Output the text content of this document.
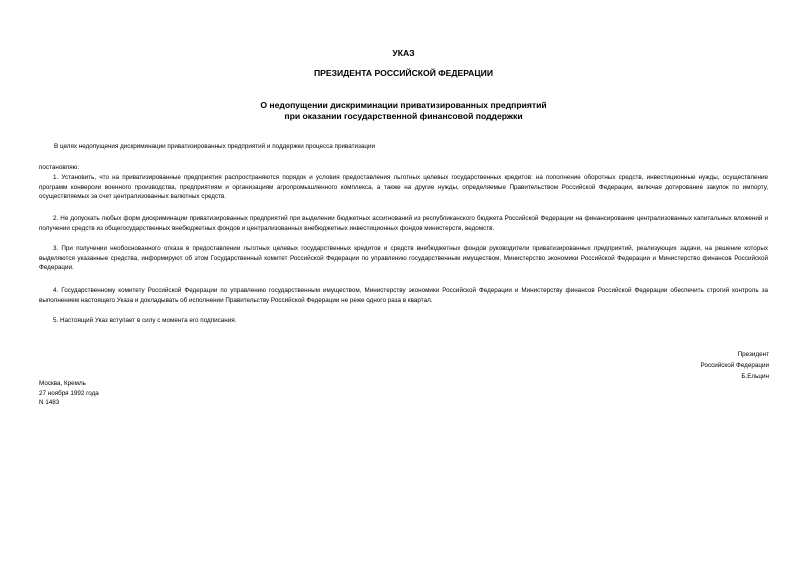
УКАЗ
ПРЕЗИДЕНТА РОССИЙСКОЙ ФЕДЕРАЦИИ
О недопущении дискриминации приватизированных предприятий
при оказании государственной финансовой поддержки
В целях недопущения дискриминации приватизированных предприятий и поддержки процесса приватизации
постановляю:
1. Установить, что на приватизированные предприятия распространяются порядок и условия предоставления льготных целевых государственных кредитов: на пополнение оборотных средств, инвестиционные нужды, осуществление программ конверсии военного производства, предприятиям и организациям агропромышленного комплекса, а также на другие нужды, определяемые Правительством Российской Федерации, включая дотирование закупок по импорту, осуществляемых за счет централизованных валютных средств.
2. Не допускать любых форм дискриминации приватизированных предприятий при выделении бюджетных ассигнований из республиканского бюджета Российской Федерации на финансирование централизованных капитальных вложений и получении средств из общегосударственных внебюджетных фондов и централизованных внебюджетных инвестиционных фондов министерств, ведомств.
3. При получении необоснованного отказа в предоставлении льготных целевых государственных кредитов и средств внебюджетных фондов руководители приватизированных предприятий, реализующих задачи, на решение которых выделяются указанные средства, информируют об этом Государственный комитет Российской Федерации по управлению государственным имуществом, Министерство экономики Российской Федерации и Министерство финансов Российской Федерации.
4. Государственному комитету Российской Федерации по управлению государственным имуществом, Министерству экономики Российской Федерации и Министерству финансов Российской Федерации обеспечить строгий контроль за выполнением настоящего Указа и докладывать об исполнении Правительству Российской Федерации не реже одного раза в квартал.
5. Настоящий Указ вступает в силу с момента его подписания.
Президент
Российской Федерации
Б.Ельцин
Москва, Кремль
27 ноября 1992 года
N 1483
